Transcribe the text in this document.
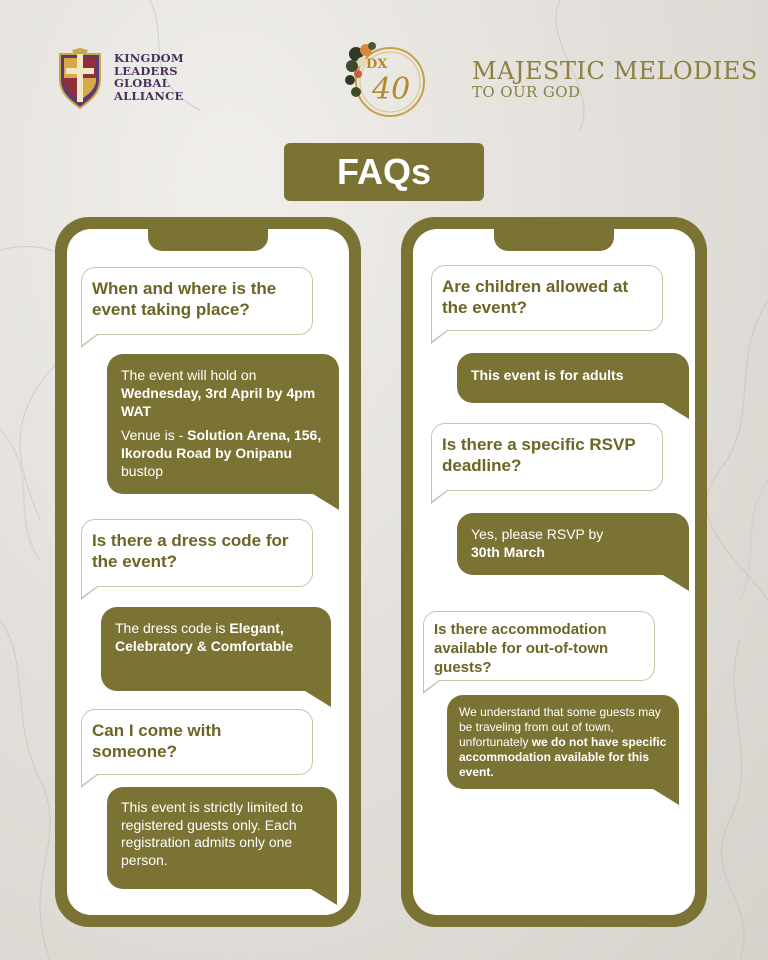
KINGDOM
LEADERS
GLOBAL
ALLIANCE
DX
40
MAJESTIC MELODIES
TO OUR GOD
FAQs
When and where is the event taking place?
The event will hold on Wednesday, 3rd April by 4pm WAT
Venue is - Solution Arena, 156, Ikorodu Road by Onipanu bustop
Is there a dress code for the event?
The dress code is Elegant, Celebratory & Comfortable
Can I come with someone?
This event is strictly limited to registered guests only. Each registration admits only one person.
Are children allowed at the event?
This event is for adults
Is there a specific RSVP deadline?
Yes, please RSVP by
30th March
Is there accommodation available for out-of-town guests?
We understand that some guests may be traveling from out of town, unfortunately we do not have specific accommodation available for this event.
